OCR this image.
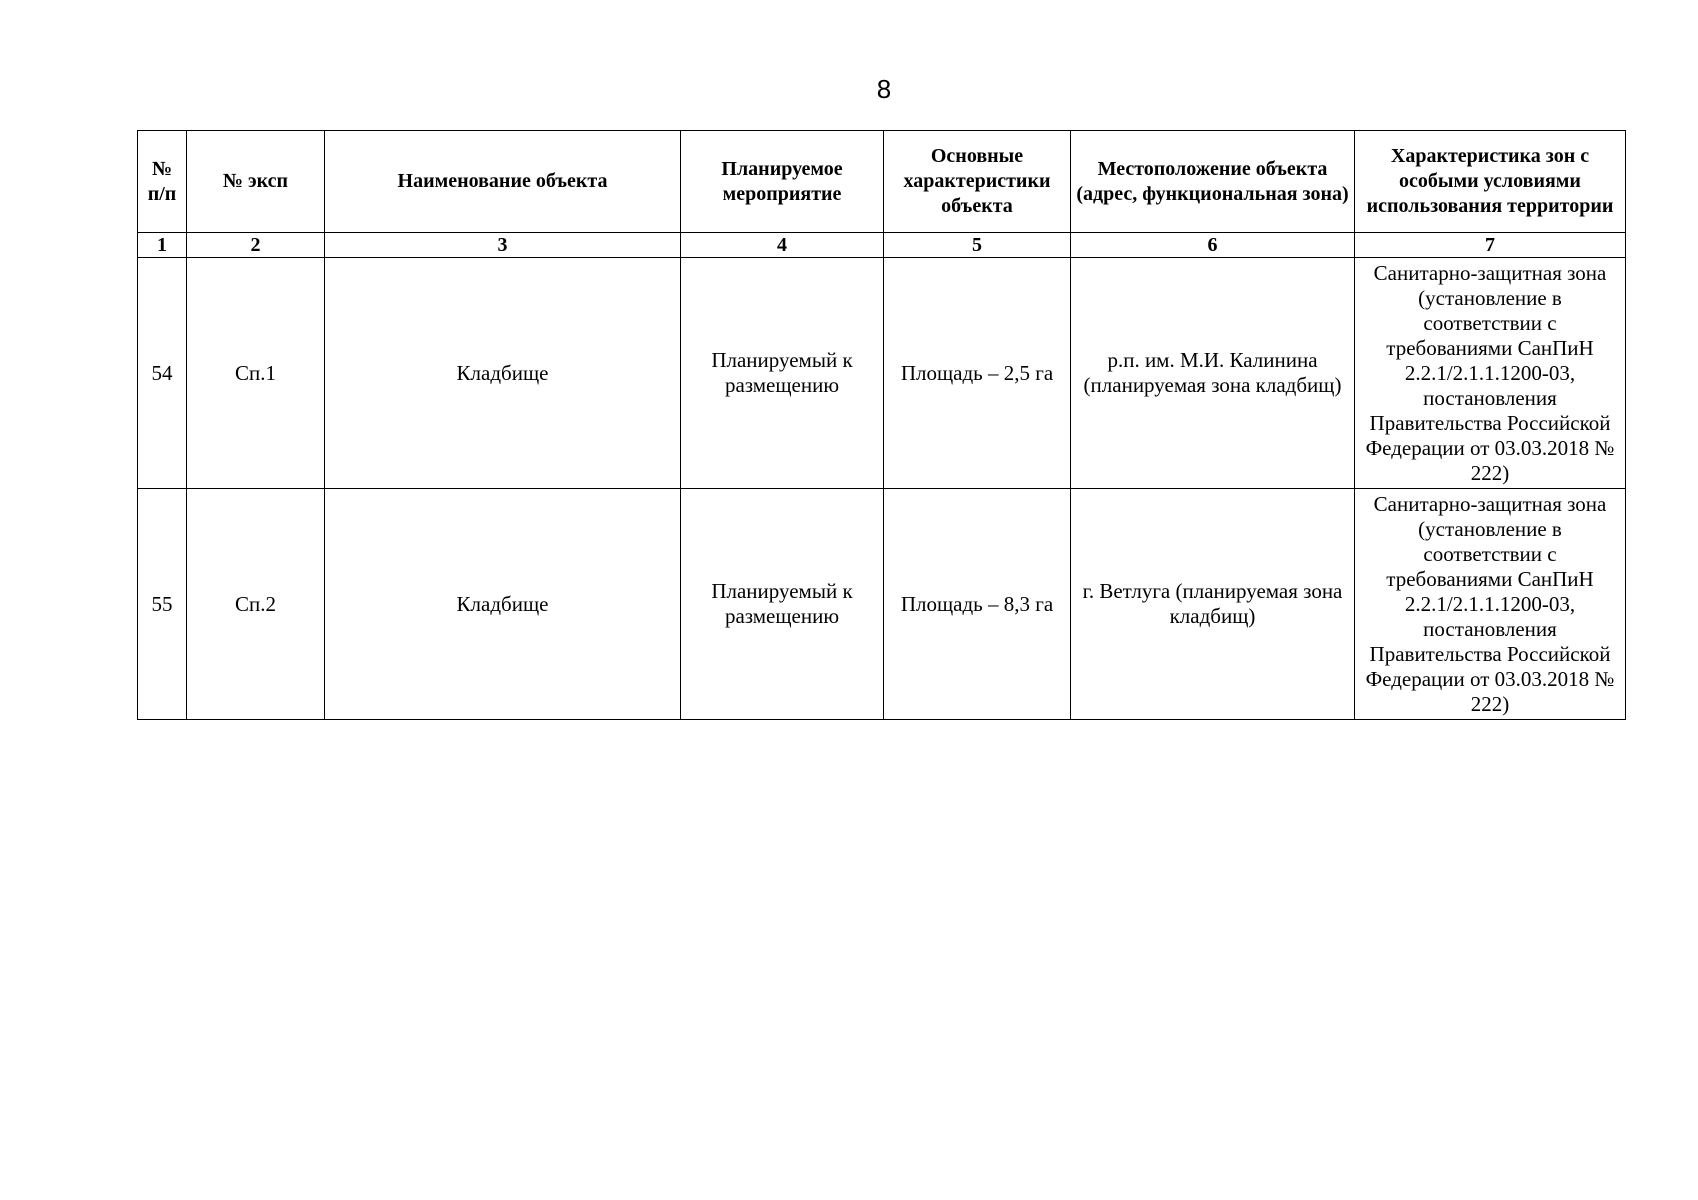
8
№ п/п	№ эксп	Наименование объекта	Планируемое мероприятие	Основные характеристики объекта	Местоположение объекта (адрес, функциональная зона)	Характеристика зон с особыми условиями использования территории
1	2	3	4	5	6	7
54	Сп.1	Кладбище	Планируемый к размещению	Площадь – 2,5 га	р.п. им. М.И. Калинина (планируемая зона кладбищ)	Санитарно-защитная зона (установление в соответствии с требованиями СанПиН 2.2.1/2.1.1.1200-03, постановления Правительства Российской Федерации от 03.03.2018 № 222)
55	Сп.2	Кладбище	Планируемый к размещению	Площадь – 8,3 га	г. Ветлуга (планируемая зона кладбищ)	Санитарно-защитная зона (установление в соответствии с требованиями СанПиН 2.2.1/2.1.1.1200-03, постановления Правительства Российской Федерации от 03.03.2018 № 222)
